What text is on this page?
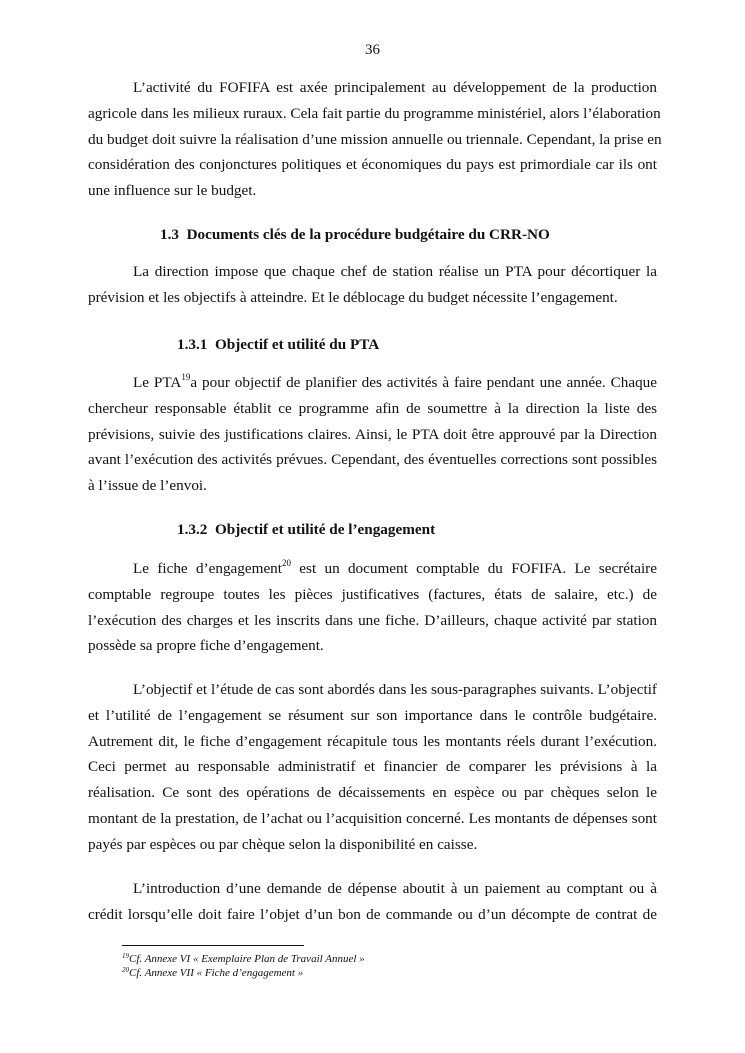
36
1.3  Documents clés de la procédure budgétaire du CRR-NO
1.3.1  Objectif et utilité du PTA
1.3.2  Objectif et utilité de l’engagement
L’activité du FOFIFA est axée principalement au développement de la production
agricole dans les milieux ruraux. Cela fait partie du programme ministériel, alors l’élaboration
du budget doit suivre la réalisation d’une mission annuelle ou triennale. Cependant, la prise en
considération des conjonctures politiques et économiques du pays est primordiale car ils ont
une influence sur le budget.
La direction impose que chaque chef de station réalise un PTA pour décortiquer la
prévision et les objectifs à atteindre. Et le déblocage du budget nécessite l’engagement.
Le PTA$^{19}$a pour objectif de planifier des activités à faire pendant une année. Chaque
chercheur responsable établit ce programme afin de soumettre à la direction la liste des
prévisions, suivie des justifications claires. Ainsi, le PTA doit être approuvé par la Direction
avant l’exécution des activités prévues. Cependant, des éventuelles corrections sont possibles
à l’issue de l’envoi.
Le fiche d’engagement$^{20}$ est un document comptable du FOFIFA. Le secrétaire
comptable regroupe toutes les pièces justificatives (factures, états de salaire, etc.) de
l’exécution des charges et les inscrits dans une fiche. D’ailleurs, chaque activité par station
possède sa propre fiche d’engagement.
L’objectif et l’étude de cas sont abordés dans les sous-paragraphes suivants. L’objectif
et l’utilité de l’engagement se résument sur son importance dans le contrôle budgétaire.
Autrement dit, le fiche d’engagement récapitule tous les montants réels durant l’exécution.
Ceci permet au responsable administratif et financier de comparer les prévisions à la
réalisation. Ce sont des opérations de décaissements en espèce ou par chèques selon le
montant de la prestation, de l’achat ou l’acquisition concerné. Les montants de dépenses sont
payés par espèces ou par chèque selon la disponibilité en caisse.
L’introduction d’une demande de dépense aboutit à un paiement au comptant ou à
crédit lorsqu’elle doit faire l’objet d’un bon de commande ou d’un décompte de contrat de
$^{19}$Cf. Annexe VI « Exemplaire Plan de Travail Annuel »
$^{20}$Cf. Annexe VII « Fiche d’engagement »
